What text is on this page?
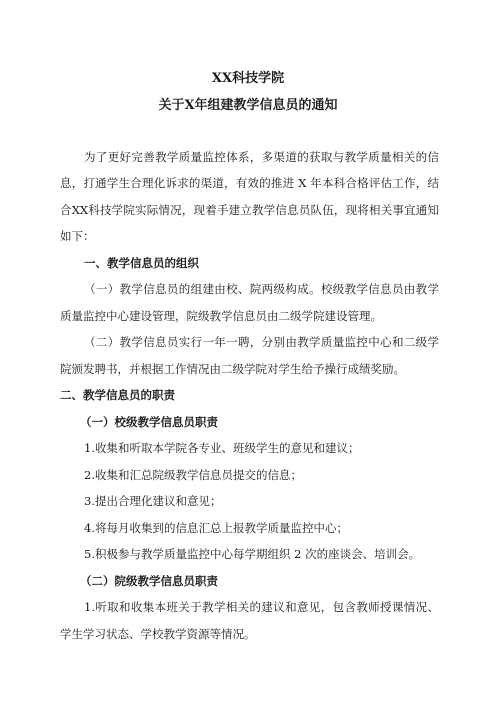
XX科技学院
关于X年组建教学信息员的通知
为了更好完善教学质量监控体系，多渠道的获取与教学质量相关的信
息，打通学生合理化诉求的渠道，有效的推进 X 年本科合格评估工作，结
合XX科技学院实际情况，现着手建立教学信息员队伍，现将相关事宜通知
如下：
一、教学信息员的组织
（一）教学信息员的组建由校、院两级构成。校级教学信息员由教学
质量监控中心建设管理，院级教学信息员由二级学院建设管理。
（二）教学信息员实行一年一聘，分别由教学质量监控中心和二级学
院颁发聘书，并根据工作情况由二级学院对学生给予操行成绩奖励。
二、教学信息员的职责
（一）校级教学信息员职责
1.收集和听取本学院各专业、班级学生的意见和建议；
2.收集和汇总院级教学信息员提交的信息；
3.提出合理化建议和意见；
4.将每月收集到的信息汇总上报教学质量监控中心；
5.积极参与教学质量监控中心每学期组织 2 次的座谈会、培训会。
（二）院级教学信息员职责
1.听取和收集本班关于教学相关的建议和意见，包含教师授课情况、
学生学习状态、学校教学资源等情况。
